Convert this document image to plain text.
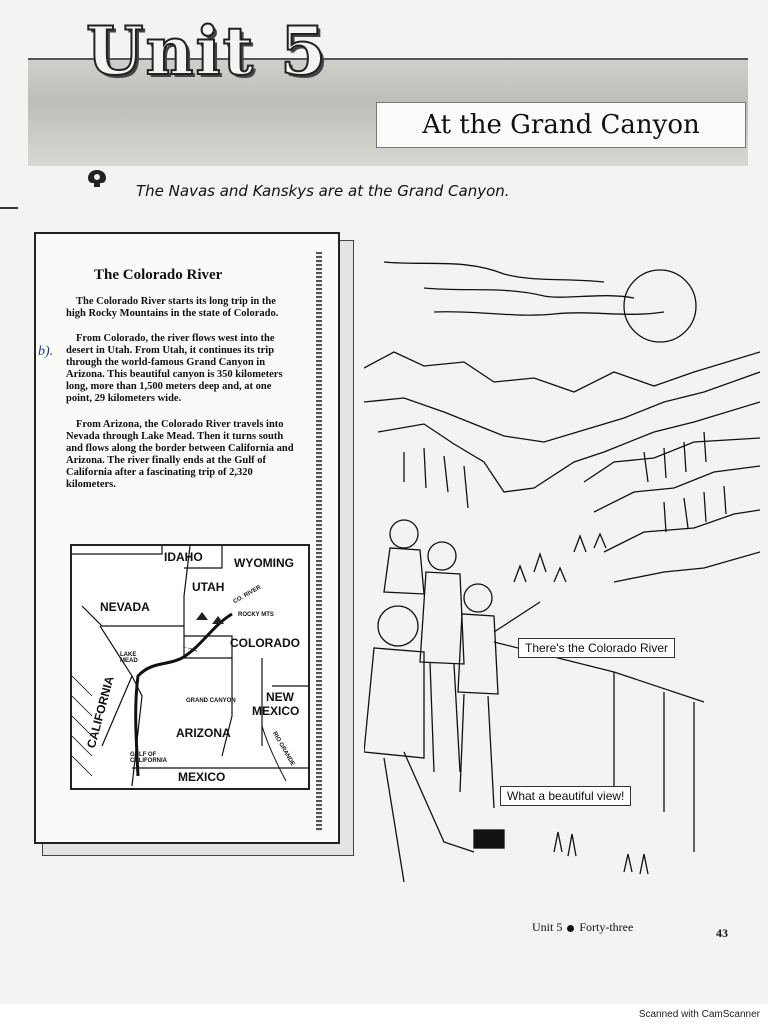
Unit 5
At the Grand Canyon
The Navas and Kanskys are at the Grand Canyon.
The Colorado River
The Colorado River starts its long trip in the high Rocky Mountains in the state of Colorado.
From Colorado, the river flows west into the desert in Utah. From Utah, it continues its trip through the world-famous Grand Canyon in Arizona. This beautiful canyon is 350 kilometers long, more than 1,500 meters deep and, at one point, 29 kilometers wide.
From Arizona, the Colorado River travels into Nevada through Lake Mead. Then it turns south and flows along the border between California and Arizona. The river finally ends at the Gulf of California after a fascinating trip of 2,320 kilometers.
b).
IDAHO	WYOMING
UTAH
NEVADA
CO. RIVER
ROCKY MTS
COLORADO
LAKE MEAD
CALIFORNIA	GRAND CANYON	NEW
MEXICO
ARIZONA
GULF OF CALIFORNIA	RIO GRANDE
MEXICO
There's the Colorado River
What a beautiful view!
Unit 5 Forty-three	43
Scanned with CamScanner
